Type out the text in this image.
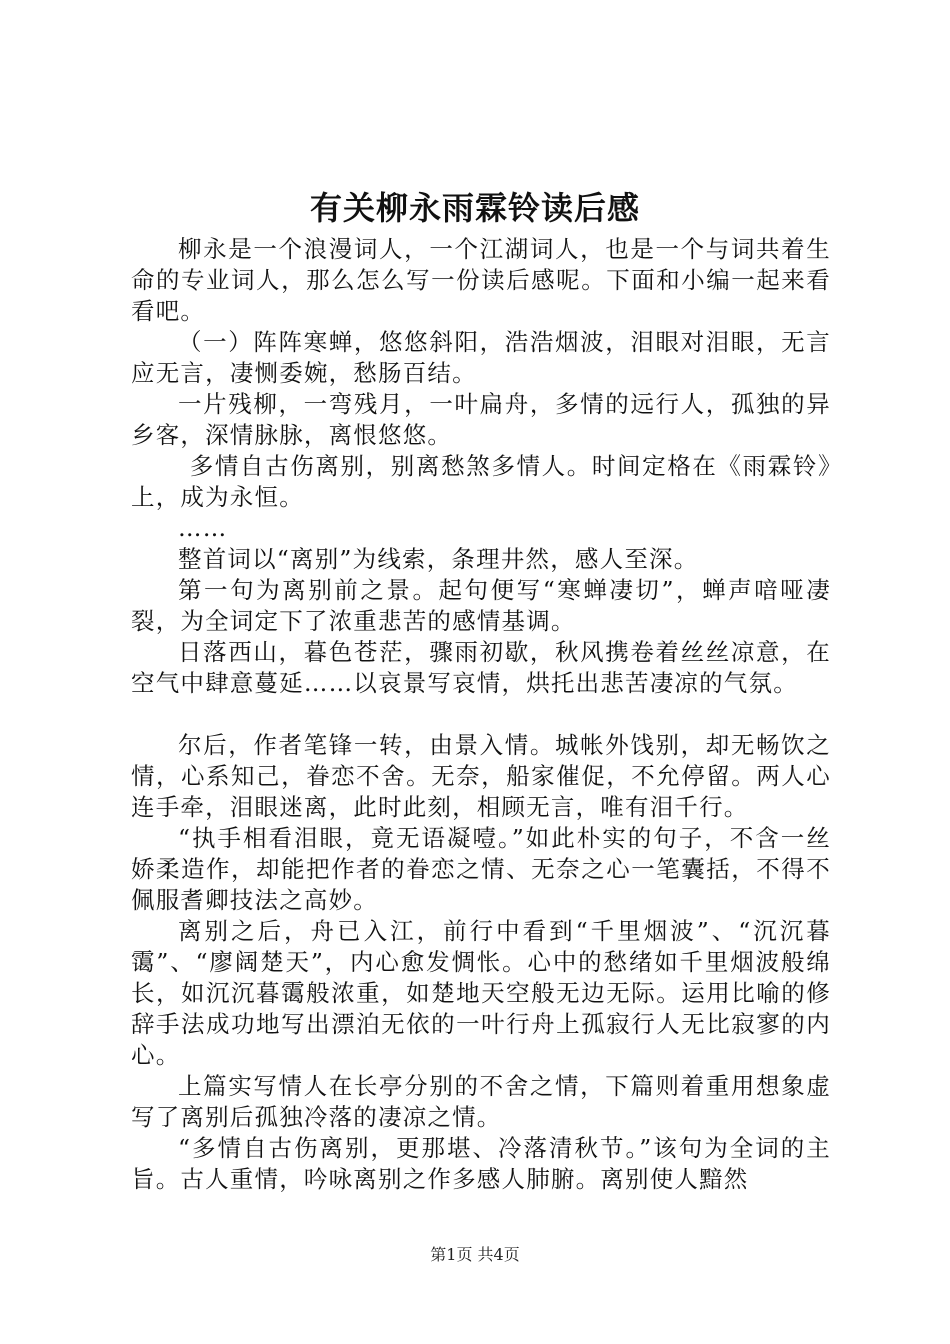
有关柳永雨霖铃读后感

柳永是一个浪漫词人，一个江湖词人，也是一个与词共着生命的专业词人，那么怎么写一份读后感呢。下面和小编一起来看看吧。

（一）阵阵寒蝉，悠悠斜阳，浩浩烟波，泪眼对泪眼，无言应无言，凄恻委婉，愁肠百结。

一片残柳，一弯残月，一叶扁舟，多情的远行人，孤独的异乡客，深情脉脉，离恨悠悠。

多情自古伤离别，别离愁煞多情人。时间定格在《雨霖铃》上，成为永恒。

……

整首词以“离别”为线索，条理井然，感人至深。

第一句为离别前之景。起句便写“寒蝉凄切”，蝉声喑哑凄裂，为全词定下了浓重悲苦的感情基调。

日落西山，暮色苍茫，骤雨初歇，秋风携卷着丝丝凉意，在空气中肆意蔓延……以哀景写哀情，烘托出悲苦凄凉的气氛。

尔后，作者笔锋一转，由景入情。城帐外饯别，却无畅饮之情，心系知己，眷恋不舍。无奈，船家催促，不允停留。两人心连手牵，泪眼迷离，此时此刻，相顾无言，唯有泪千行。

“执手相看泪眼，竟无语凝噎。”如此朴实的句子，不含一丝娇柔造作，却能把作者的眷恋之情、无奈之心一笔囊括，不得不佩服耆卿技法之高妙。

离别之后，舟已入江，前行中看到“千里烟波”、“沉沉暮霭”、“廖阔楚天”，内心愈发惆怅。心中的愁绪如千里烟波般绵长，如沉沉暮霭般浓重，如楚地天空般无边无际。运用比喻的修辞手法成功地写出漂泊无依的一叶行舟上孤寂行人无比寂寥的内心。

上篇实写情人在长亭分别的不舍之情，下篇则着重用想象虚写了离别后孤独冷落的凄凉之情。

“多情自古伤离别，更那堪、冷落清秋节。”该句为全词的主旨。古人重情，吟咏离别之作多感人肺腑。离别使人黯然

第1页 共4页
